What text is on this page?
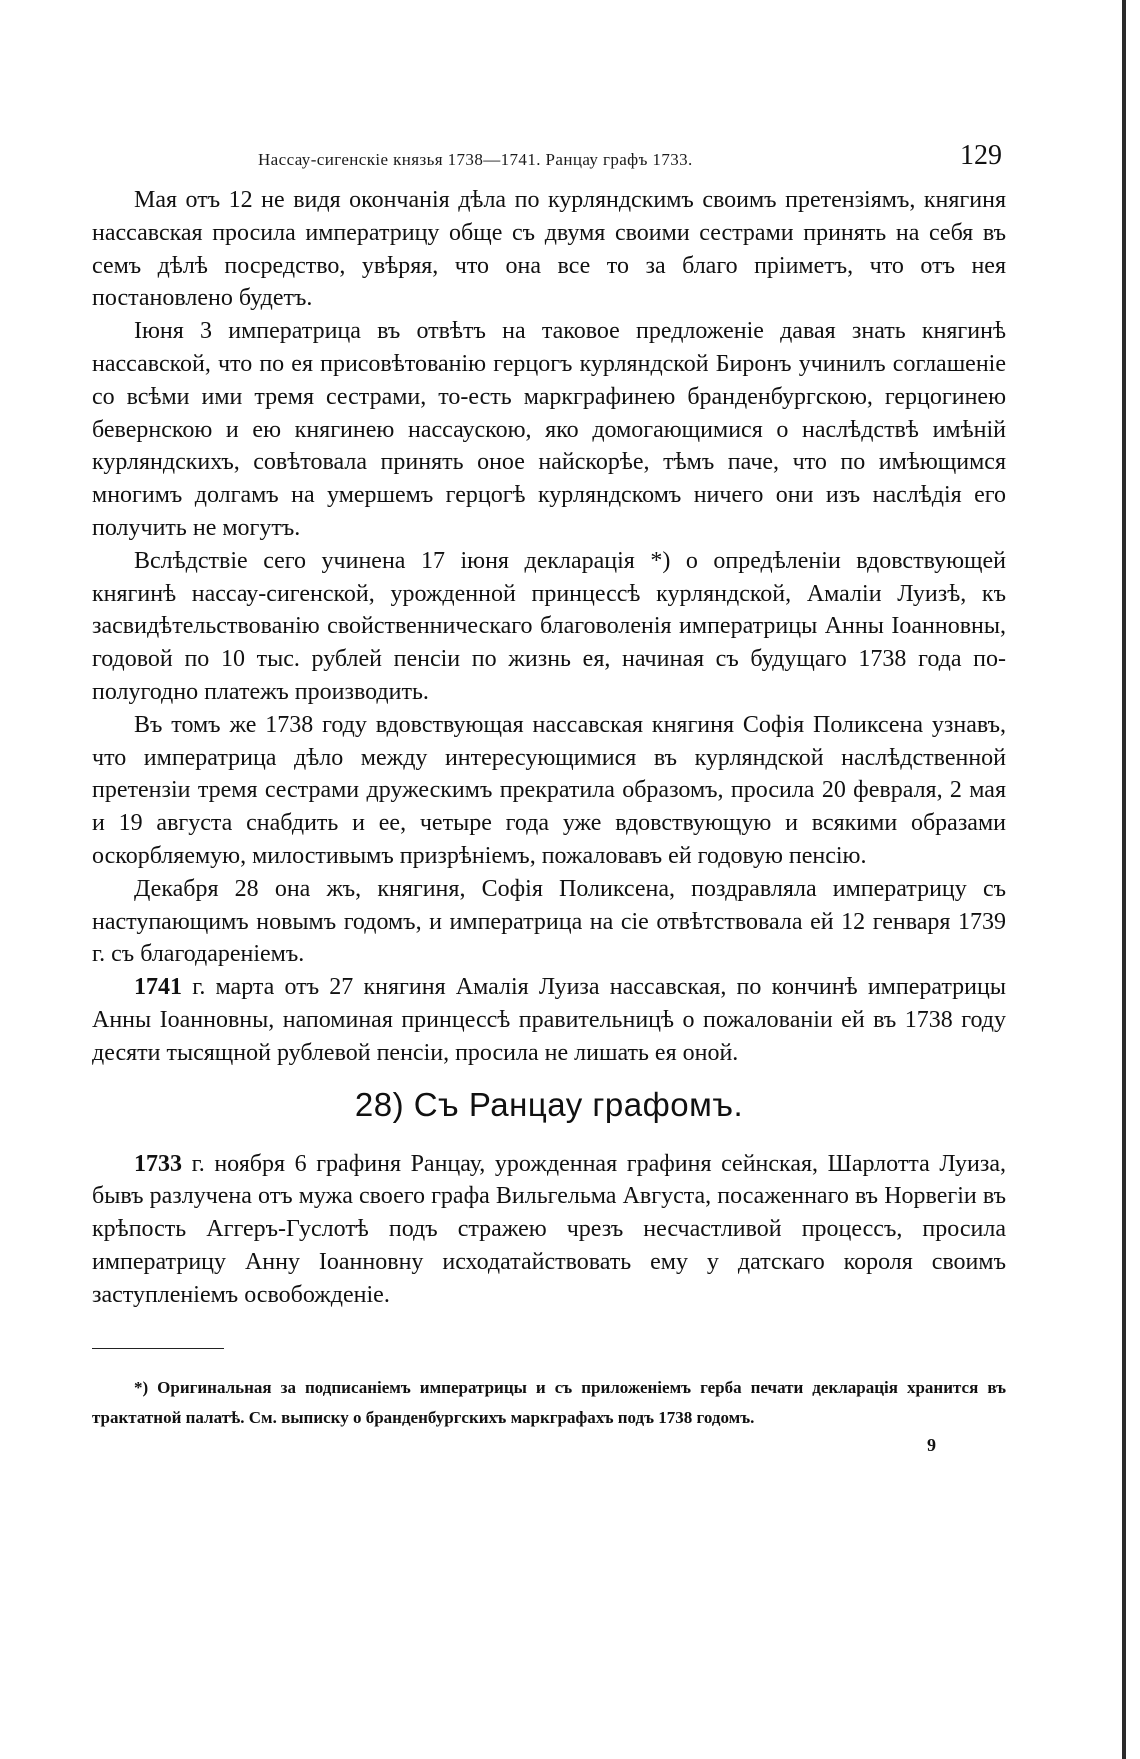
Нассау-сигенскіе князья 1738—1741. Ранцау графъ 1733.	129

Мая отъ 12 не видя окончанія дѣла по курляндскимъ своимъ претензіямъ, княгиня нассавская просила императрицу обще съ двумя своими сестрами принять на себя въ семъ дѣлѣ посредство, увѣряя, что она все то за благо пріиметъ, что отъ нея постановлено будетъ.

Іюня 3 императрица въ отвѣтъ на таковое предложеніе давая знать княгинѣ нассавской, что по ея присовѣтованію герцогъ курляндской Биронъ учинилъ соглашеніе со всѣми ими тремя сестрами, то-есть маркграфинею бранденбургскою, герцогинею бевернскою и ею княгинею нассаускою, яко домогающимися о наслѣдствѣ имѣній курляндскихъ, совѣтовала принять оное найскорѣе, тѣмъ паче, что по имѣющимся многимъ долгамъ на умершемъ герцогѣ курляндскомъ ничего они изъ наслѣдія его получить не могутъ.

Вслѣдствіе сего учинена 17 іюня декларація *) о опредѣленіи вдовствующей княгинѣ нассау-сигенской, урожденной принцессѣ курляндской, Амаліи Луизѣ, къ засвидѣтельствованію свойственническаго благоволенія императрицы Анны Іоанновны, годовой по 10 тыс. рублей пенсіи по жизнь ея, начиная съ будущаго 1738 года по-полугодно платежъ производить.

Въ томъ же 1738 году вдовствующая нассавская княгиня Софія Поликсена узнавъ, что императрица дѣло между интересующимися въ курляндской наслѣдственной претензіи тремя сестрами дружескимъ прекратила образомъ, просила 20 февраля, 2 мая и 19 августа снабдить и ее, четыре года уже вдовствующую и всякими образами оскорбляемую, милостивымъ призрѣніемъ, пожаловавъ ей годовую пенсію.

Декабря 28 она жъ, княгиня, Софія Поликсена, поздравляла императрицу съ наступающимъ новымъ годомъ, и императрица на сіе отвѣтствовала ей 12 генваря 1739 г. съ благодареніемъ.

1741 г. марта отъ 27 княгиня Амалія Луиза нассавская, по кончинѣ императрицы Анны Іоанновны, напоминая принцессѣ правительницѣ о пожалованіи ей въ 1738 году десяти тысящной рублевой пенсіи, просила не лишать ея оной.

28) Съ Ранцау графомъ.

1733 г. ноября 6 графиня Ранцау, урожденная графиня сейнская, Шарлотта Луиза, бывъ разлучена отъ мужа своего графа Вильгельма Августа, посаженнаго въ Норвегіи въ крѣпость Аггеръ-Гуслотѣ подъ стражею чрезъ несчастливой процессъ, просила императрицу Анну Іоанновну исходатайствовать ему у датскаго короля своимъ заступленіемъ освобожденіе.

*) Оригинальная за подписаніемъ императрицы и съ приложеніемъ герба печати декларація хранится въ трактатной палатѣ. См. выписку о бранденбургскихъ маркграфахъ подъ 1738 годомъ.

9
